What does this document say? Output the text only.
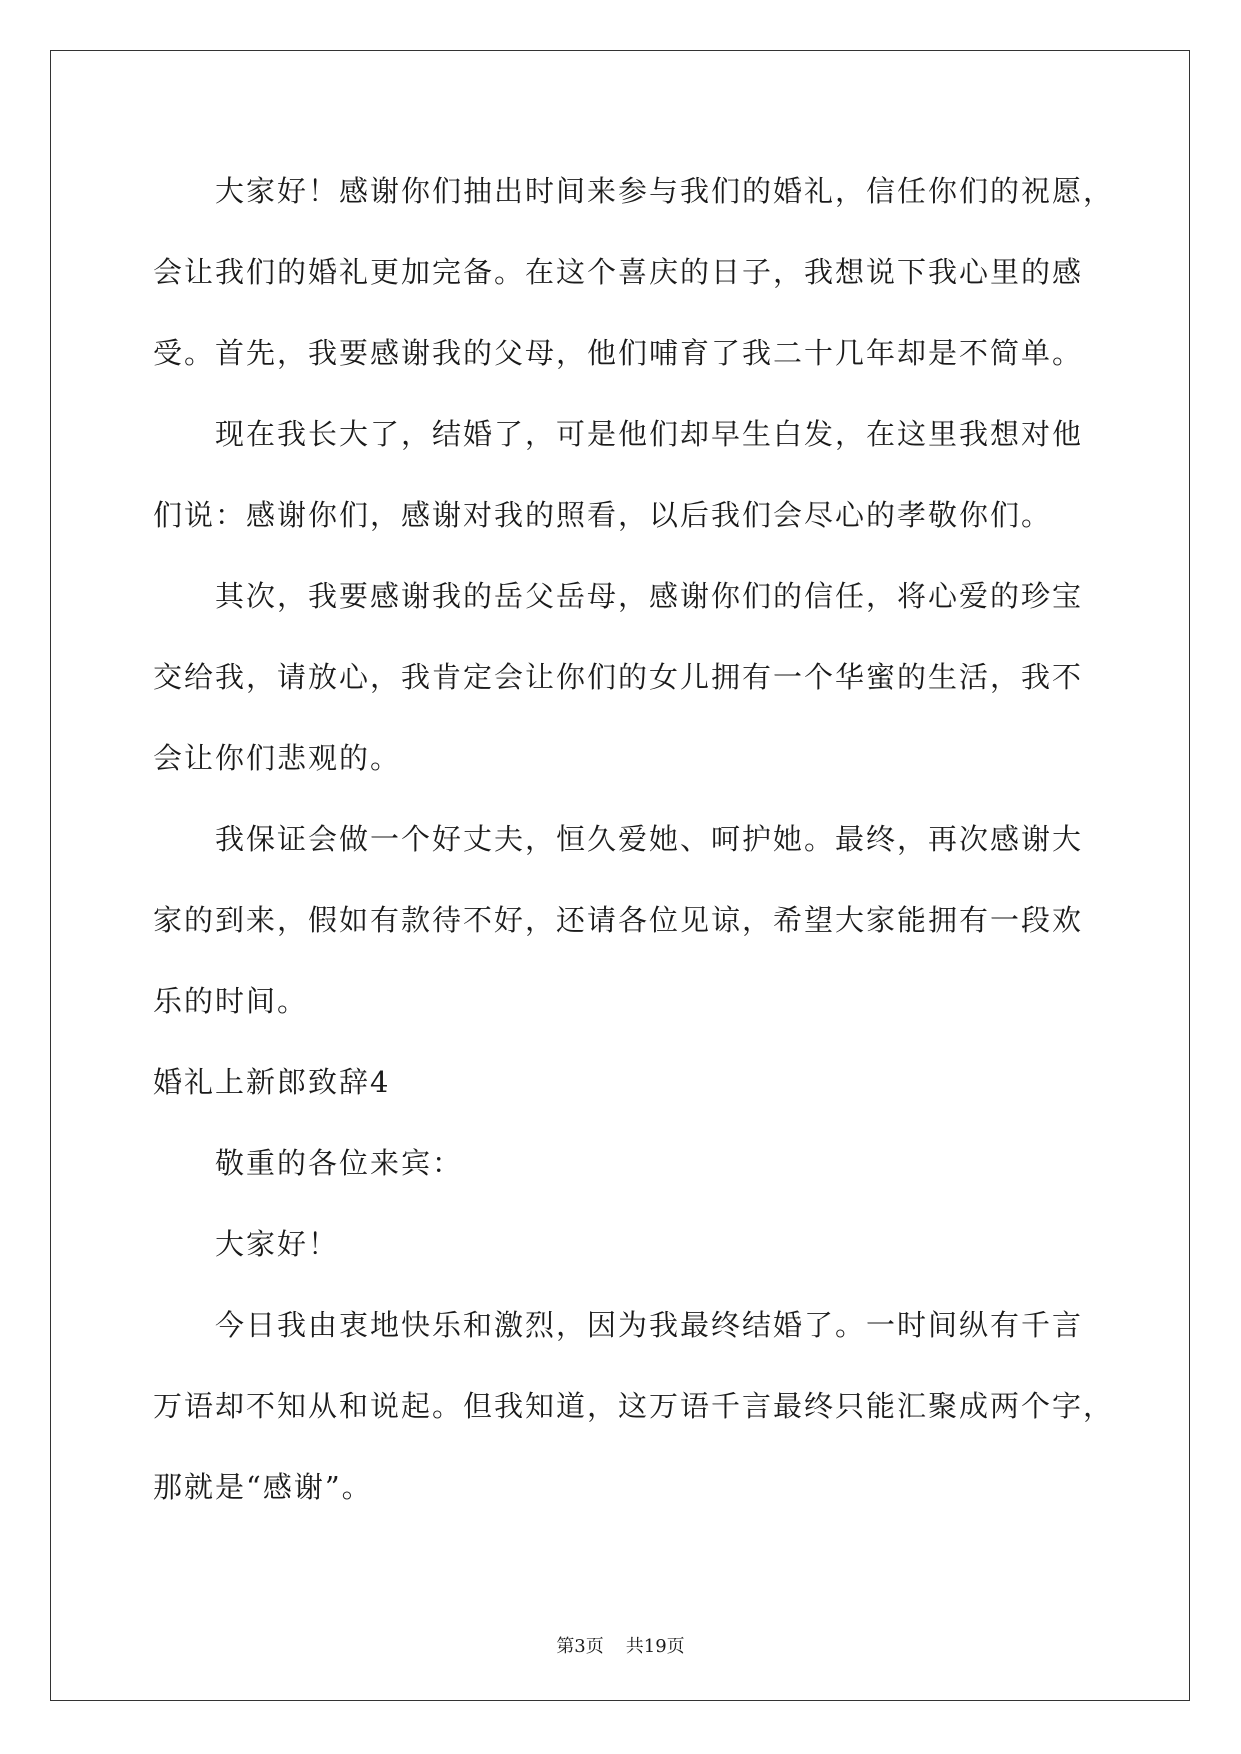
大家好！感谢你们抽出时间来参与我们的婚礼，信任你们的祝愿，
会让我们的婚礼更加完备。在这个喜庆的日子，我想说下我心里的感
受。首先，我要感谢我的父母，他们哺育了我二十几年却是不简单。
现在我长大了，结婚了，可是他们却早生白发，在这里我想对他
们说：感谢你们，感谢对我的照看，以后我们会尽心的孝敬你们。
其次，我要感谢我的岳父岳母，感谢你们的信任，将心爱的珍宝
交给我，请放心，我肯定会让你们的女儿拥有一个华蜜的生活，我不
会让你们悲观的。
我保证会做一个好丈夫，恒久爱她、呵护她。最终，再次感谢大
家的到来，假如有款待不好，还请各位见谅，希望大家能拥有一段欢
乐的时间。
婚礼上新郎致辞4
敬重的各位来宾：
大家好！
今日我由衷地快乐和激烈，因为我最终结婚了。一时间纵有千言
万语却不知从和说起。但我知道，这万语千言最终只能汇聚成两个字，
那就是“感谢”。
第3页 共19页
